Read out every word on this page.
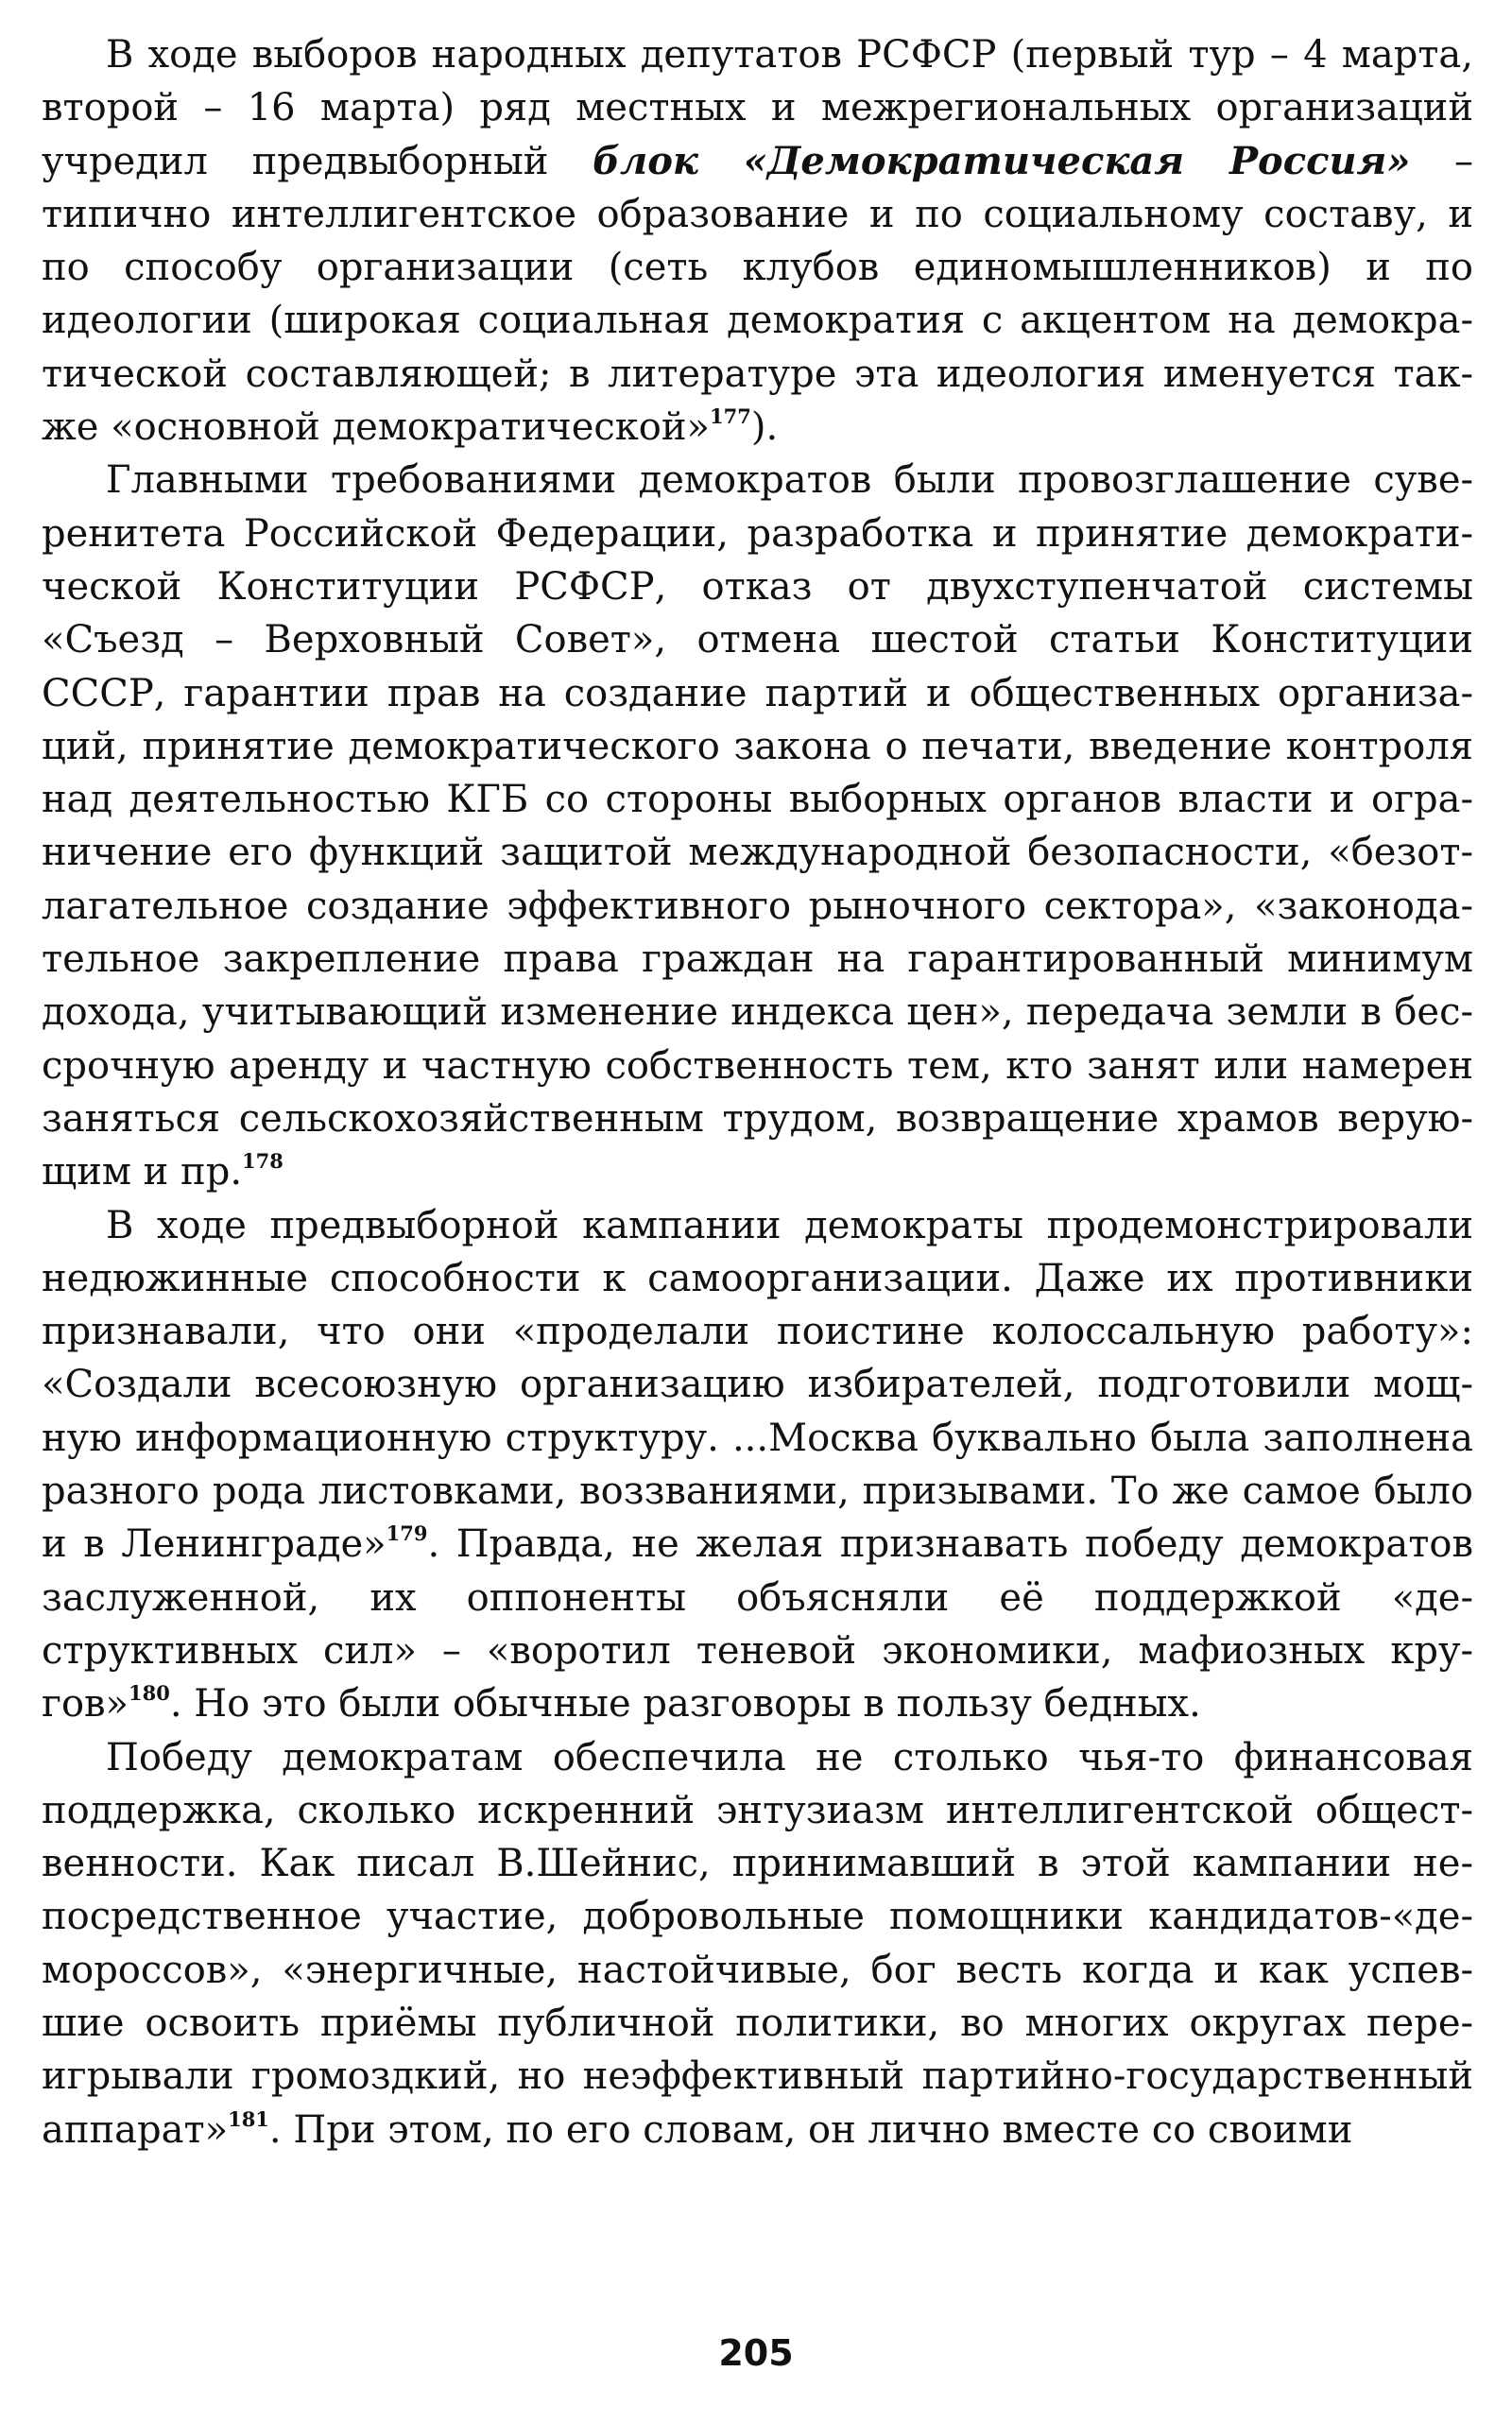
В ходе выборов народных депутатов РСФСР (первый тур – 4 марта, второй – 16 марта) ряд местных и межрегиональных организаций учредил предвыборный блок «Демократическая Россия» – типично интеллигентское образование и по социальному составу, и по способу организации (сеть клубов единомышленников) и по идеологии (широкая социальная демократия с акцентом на демократической составляющей; в литературе эта идеология именуется также «основной демократической»$^{177}$).

Главными требованиями демократов были провозглашение суверенитета Российской Федерации, разработка и принятие демократической Конституции РСФСР, отказ от двухступенчатой системы «Съезд – Верховный Совет», отмена шестой статьи Конституции СССР, гарантии прав на создание партий и общественных организаций, принятие демократического закона о печати, введение контроля над деятельностью КГБ со стороны выборных органов власти и ограничение его функций защитой международной безопасности, «безотлагательное создание эффективного рыночного сектора», «законодательное закрепление права граждан на гарантированный минимум дохода, учитывающий изменение индекса цен», передача земли в бессрочную аренду и частную собственность тем, кто занят или намерен заняться сельскохозяйственным трудом, возвращение храмов верующим и пр.$^{178}$

В ходе предвыборной кампании демократы продемонстрировали недюжинные способности к самоорганизации. Даже их противники признавали, что они «проделали поистине колоссальную работу»: «Создали всесоюзную организацию избирателей, подготовили мощную информационную структуру. ...Москва буквально была заполнена разного рода листовками, воззваниями, призывами. То же самое было и в Ленинграде»$^{179}$. Правда, не желая признавать победу демократов заслуженной, их оппоненты объясняли её поддержкой «деструктивных сил» – «воротил теневой экономики, мафиозных кругов»$^{180}$. Но это были обычные разговоры в пользу бедных.

Победу демократам обеспечила не столько чья-то финансовая поддержка, сколько искренний энтузиазм интеллигентской общественности. Как писал В.Шейнис, принимавший в этой кампании непосредственное участие, добровольные помощники кандидатов-«демороссов», «энергичные, настойчивые, бог весть когда и как успевшие освоить приёмы публичной политики, во многих округах переигрывали громоздкий, но неэффективный партийно-государственный аппарат»$^{181}$. При этом, по его словам, он лично вместе со своими

205
